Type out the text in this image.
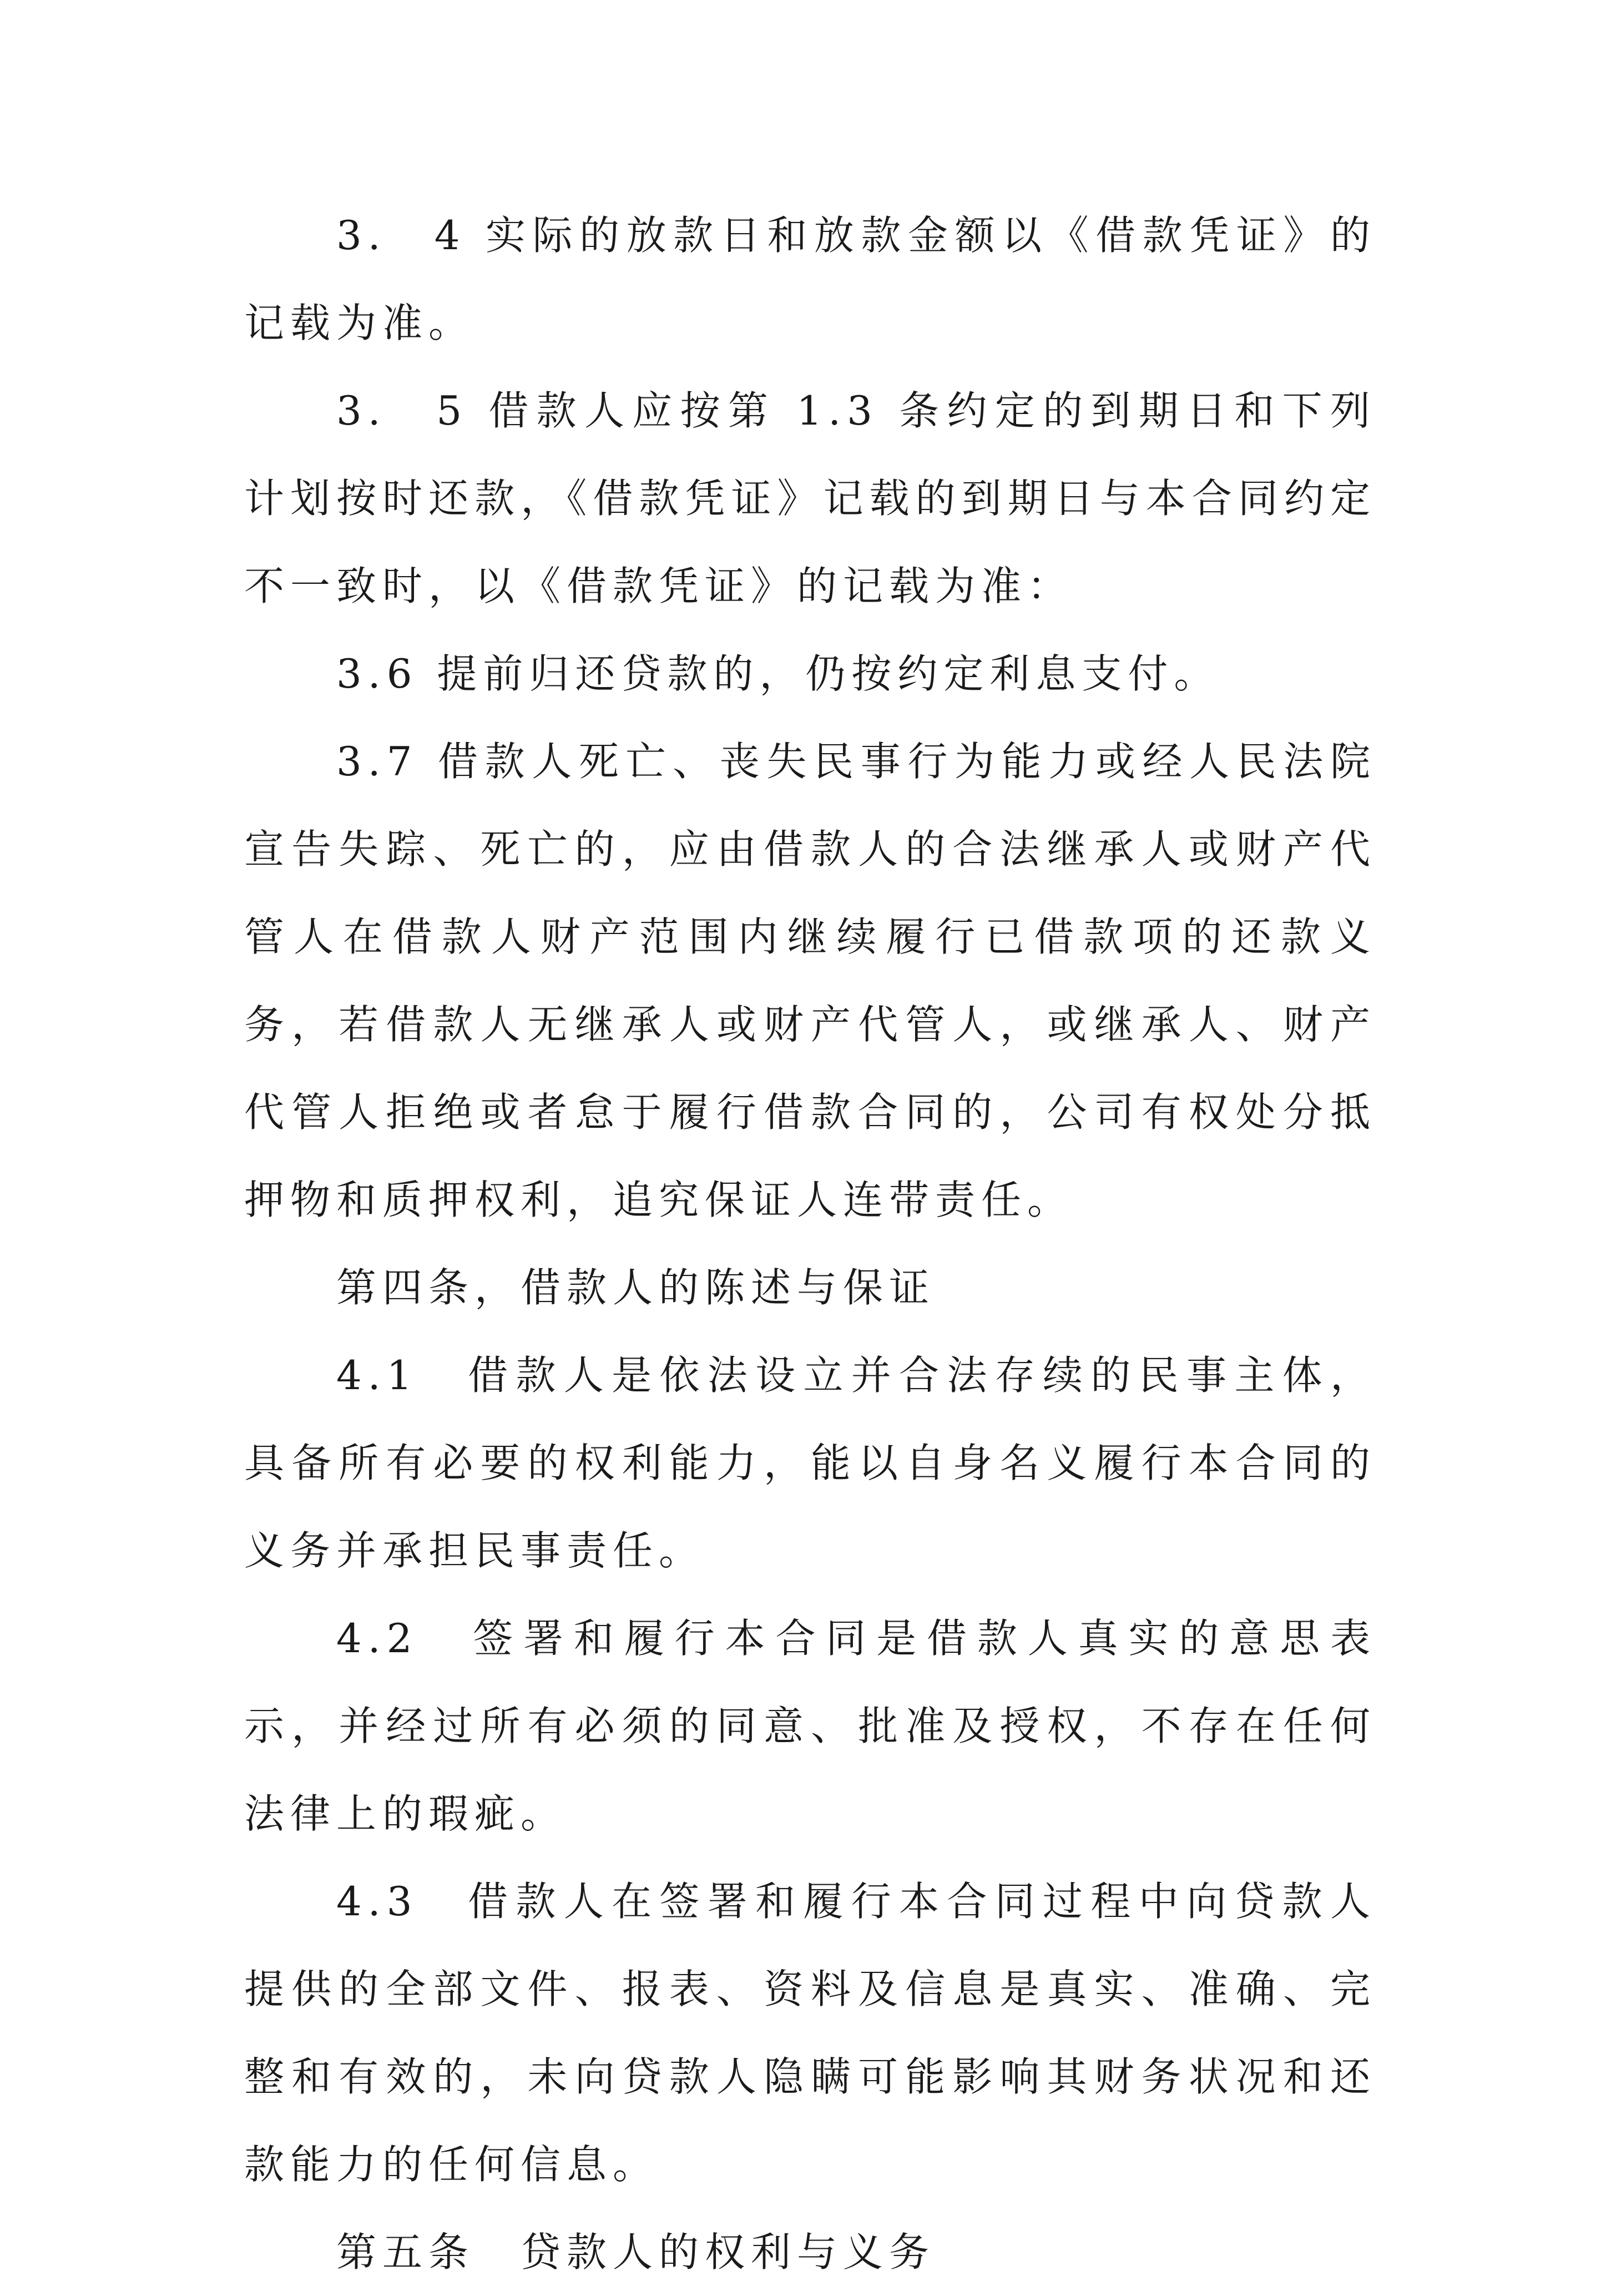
3.　4 实际的放款日和放款金额以《借款凭证》的记载为准。

3.　5 借款人应按第 1.3 条约定的到期日和下列计划按时还款，《借款凭证》记载的到期日与本合同约定不一致时，以《借款凭证》的记载为准：

3.6 提前归还贷款的，仍按约定利息支付。

3.7 借款人死亡、丧失民事行为能力或经人民法院宣告失踪、死亡的，应由借款人的合法继承人或财产代管人在借款人财产范围内继续履行已借款项的还款义务，若借款人无继承人或财产代管人，或继承人、财产代管人拒绝或者怠于履行借款合同的，公司有权处分抵押物和质押权利，追究保证人连带责任。

第四条，借款人的陈述与保证

4.1　借款人是依法设立并合法存续的民事主体，具备所有必要的权利能力，能以自身名义履行本合同的义务并承担民事责任。

4.2　签署和履行本合同是借款人真实的意思表示，并经过所有必须的同意、批准及授权，不存在任何法律上的瑕疵。

4.3　借款人在签署和履行本合同过程中向贷款人提供的全部文件、报表、资料及信息是真实、准确、完整和有效的，未向贷款人隐瞒可能影响其财务状况和还款能力的任何信息。

第五条　贷款人的权利与义务
